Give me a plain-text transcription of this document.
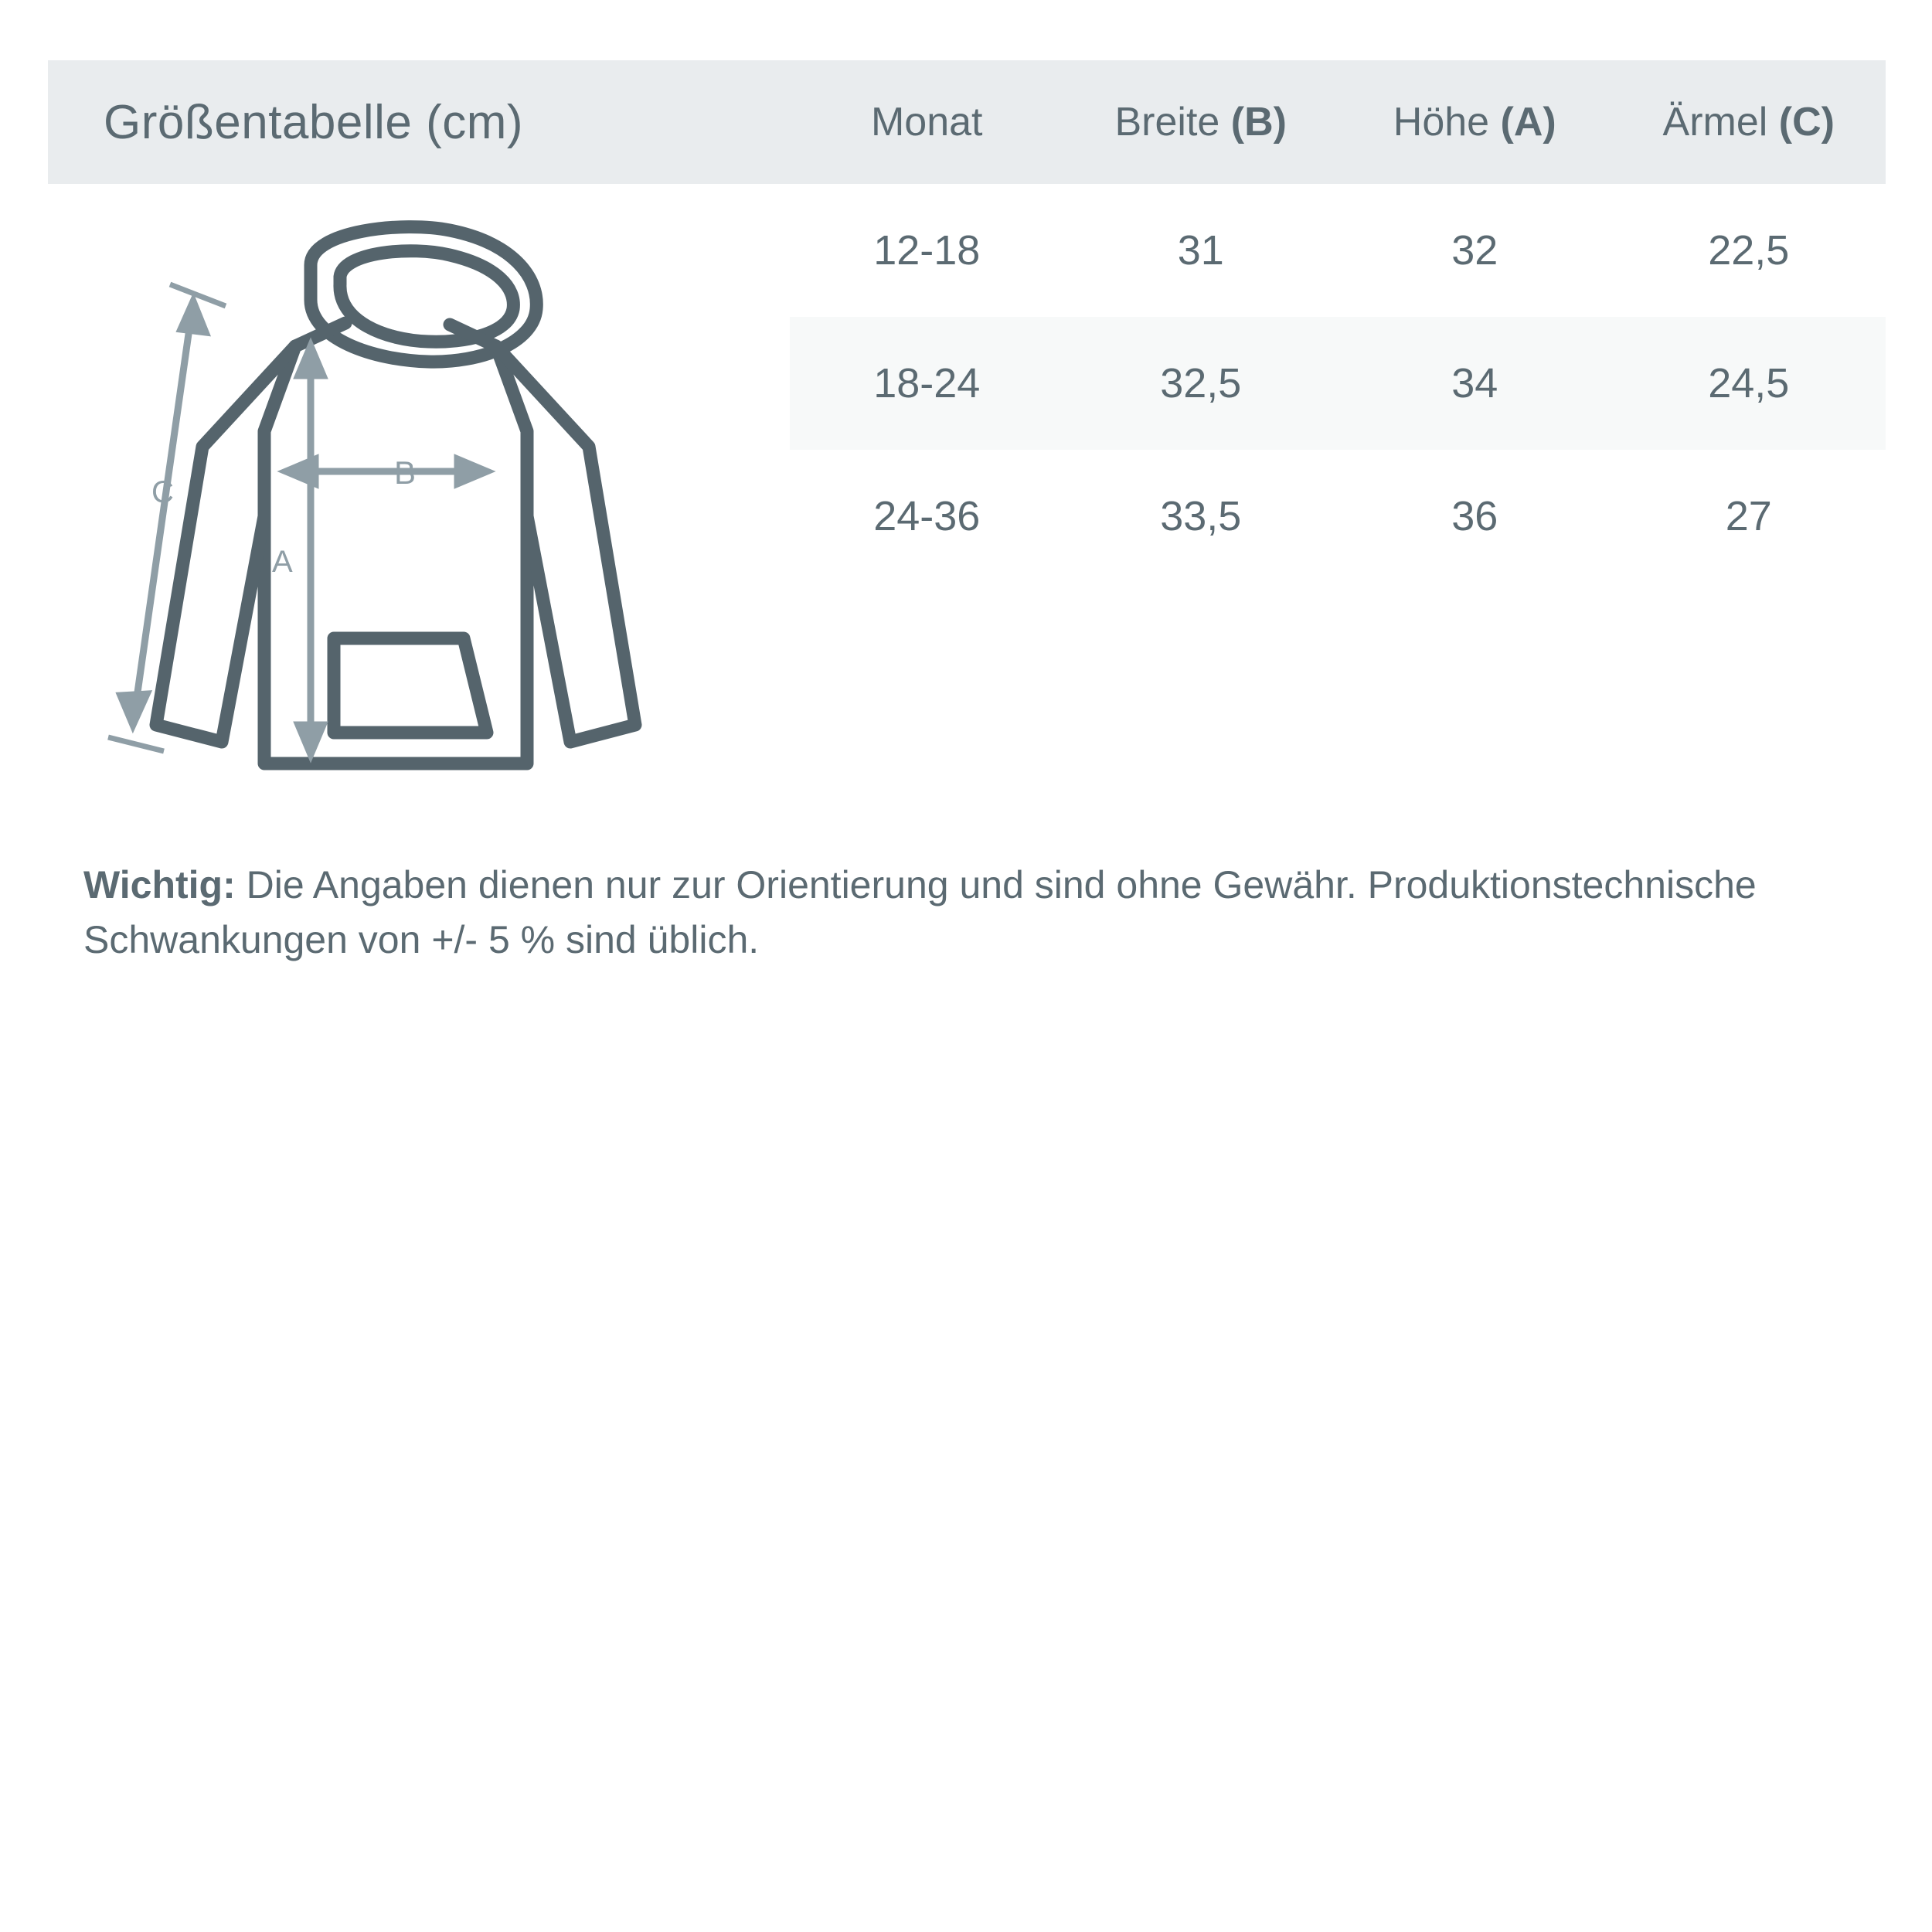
Größentabelle (cm)	Monat	Breite (B)	Höhe (A)	Ärmel (C)
C
A
B
12-18	31	32	22,5
18-24	32,5	34	24,5
24-36	33,5	36	27
Wichtig: Die Angaben dienen nur zur Orientierung und sind ohne Gewähr. Produktionstechnische Schwankungen von +/- 5 % sind üblich.
